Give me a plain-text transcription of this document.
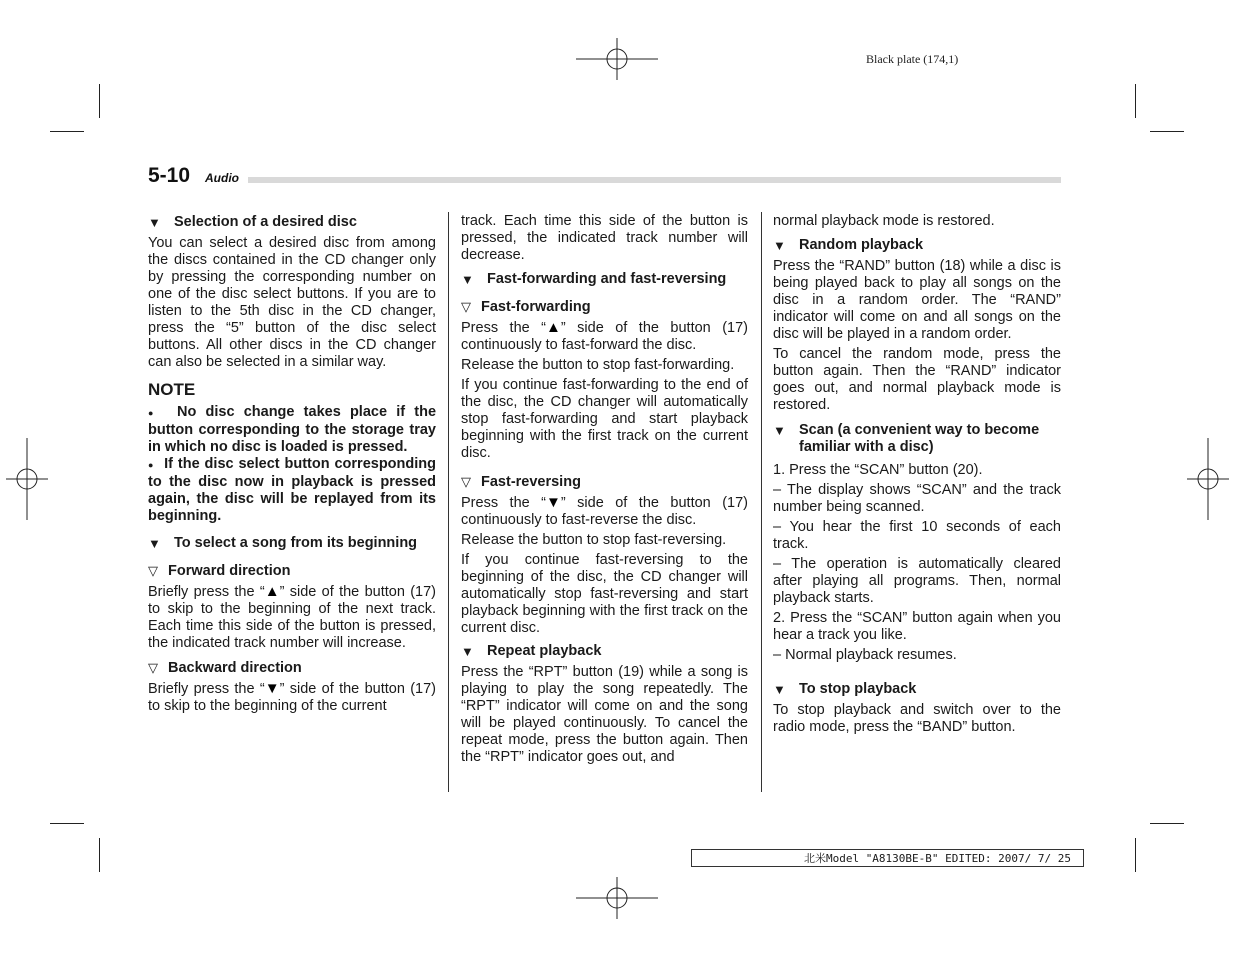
Black plate (174,1)
5-10 Audio
▼ Selection of a desired disc

You can select a desired disc from among the discs contained in the CD changer only by pressing the corresponding number on one of the disc select buttons. If you are to listen to the 5th disc in the CD changer, press the “5” button of the disc select buttons. All other discs in the CD changer can also be selected in a similar way.

NOTE

● No disc change takes place if the button corresponding to the storage tray in which no disc is loaded is pressed.

● If the disc select button corresponding to the disc now in playback is pressed again, the disc will be replayed from its beginning.

▼ To select a song from its beginning
▽ Forward direction

Briefly press the “▲” side of the button (17) to skip to the beginning of the next track. Each time this side of the button is pressed, the indicated track number will increase.

▽ Backward direction

Briefly press the “▼” side of the button (17) to skip to the beginning of the current

track. Each time this side of the button is pressed, the indicated track number will decrease.

▼ Fast-forwarding and fast-reversing
▽ Fast-forwarding

Press the “▲” side of the button (17) continuously to fast-forward the disc.

Release the button to stop fast-forwarding.

If you continue fast-forwarding to the end of the disc, the CD changer will automatically stop fast-forwarding and start playback beginning with the first track on the current disc.

▽ Fast-reversing

Press the “▼” side of the button (17) continuously to fast-reverse the disc.

Release the button to stop fast-reversing.

If you continue fast-reversing to the beginning of the disc, the CD changer will automatically stop fast-reversing and start playback beginning with the first track on the current disc.

▼ Repeat playback

Press the “RPT” button (19) while a song is playing to play the song repeatedly. The “RPT” indicator will come on and the song will be played continuously. To cancel the repeat mode, press the button again. Then the “RPT” indicator goes out, and

normal playback mode is restored.

▼ Random playback

Press the “RAND” button (18) while a disc is being played back to play all songs on the disc in a random order. The “RAND” indicator will come on and all songs on the disc will be played in a random order.

To cancel the random mode, press the button again. Then the “RAND” indicator goes out, and normal playback mode is restored.

▼ Scan (a convenient way to become familiar with a disc)

1. Press the “SCAN” button (20).

– The display shows “SCAN” and the track number being scanned.

– You hear the first 10 seconds of each track.

– The operation is automatically cleared after playing all programs. Then, normal playback starts.

2. Press the “SCAN” button again when you hear a track you like.

– Normal playback resumes.

▼ To stop playback

To stop playback and switch over to the radio mode, press the “BAND” button.

北米Model "A8130BE-B" EDITED: 2007/ 7/ 25
